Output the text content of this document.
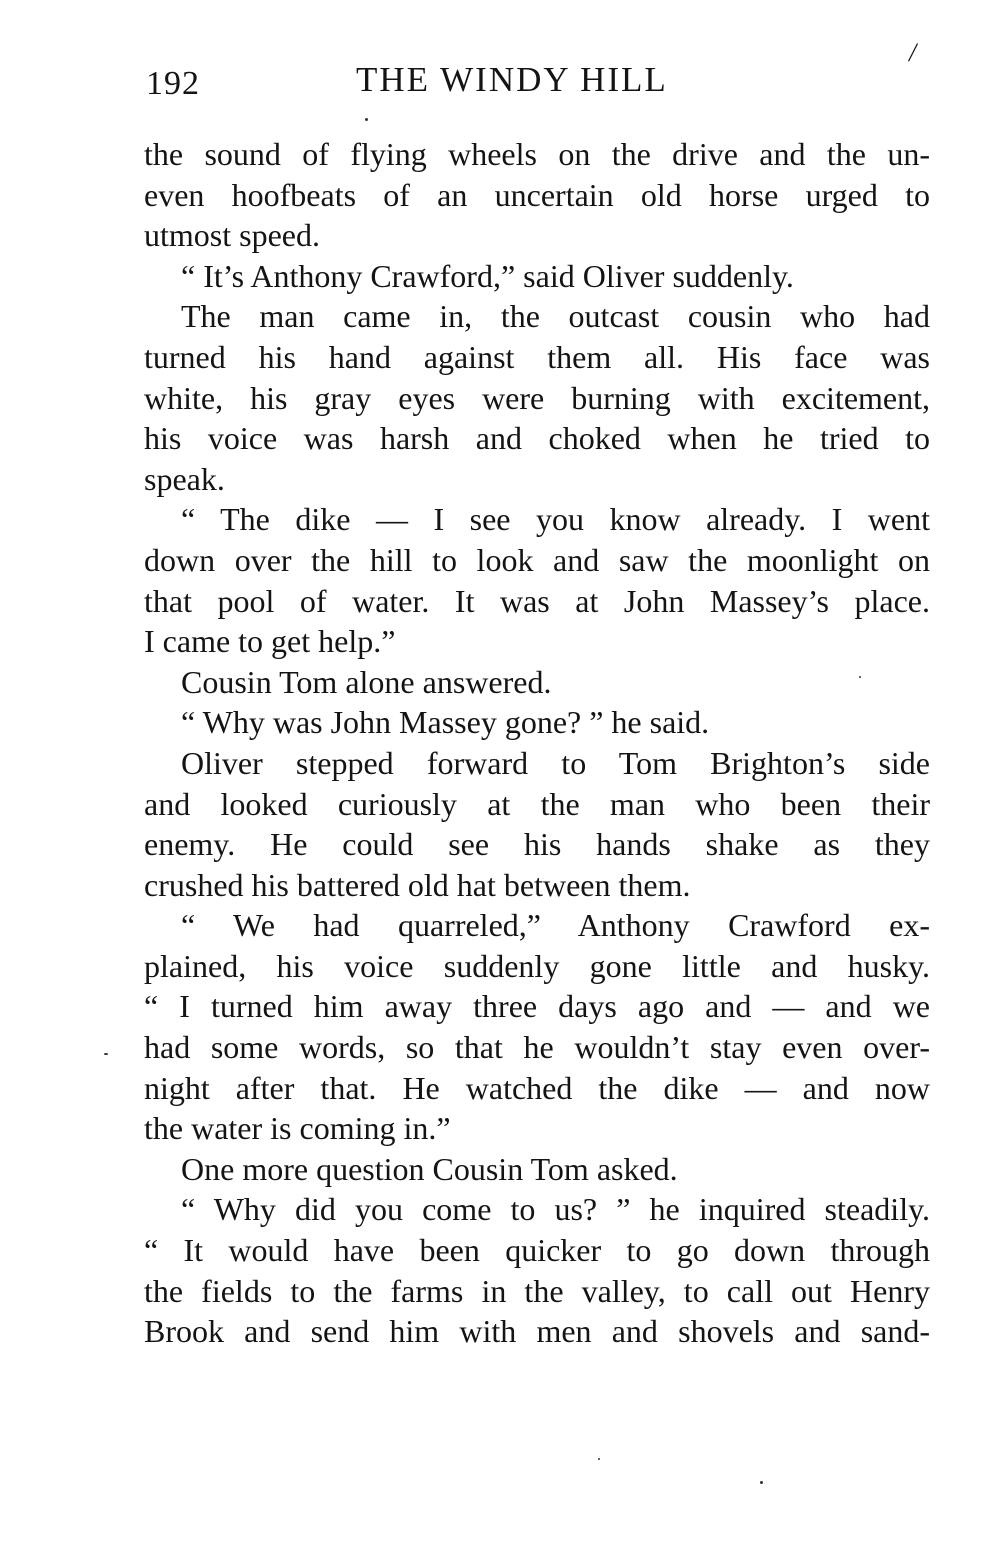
192	THE WINDY HILL
/
the sound of flying wheels on the drive and the un-
even hoofbeats of an uncertain old horse urged to
utmost speed.
“ It’s Anthony Crawford,” said Oliver suddenly.
The man came in, the outcast cousin who had
turned his hand against them all. His face was
white, his gray eyes were burning with excitement,
his voice was harsh and choked when he tried to
speak.
“ The dike — I see you know already. I went
down over the hill to look and saw the moonlight on
that pool of water. It was at John Massey’s place.
I came to get help.”
Cousin Tom alone answered.
“ Why was John Massey gone? ” he said.
Oliver stepped forward to Tom Brighton’s side
and looked curiously at the man who been their
enemy. He could see his hands shake as they
crushed his battered old hat between them.
“ We had quarreled,” Anthony Crawford ex-
plained, his voice suddenly gone little and husky.
“ I turned him away three days ago and — and we
had some words, so that he wouldn’t stay even over-
night after that. He watched the dike — and now
the water is coming in.”
One more question Cousin Tom asked.
“ Why did you come to us? ” he inquired steadily.
“ It would have been quicker to go down through
the fields to the farms in the valley, to call out Henry
Brook and send him with men and shovels and sand-
